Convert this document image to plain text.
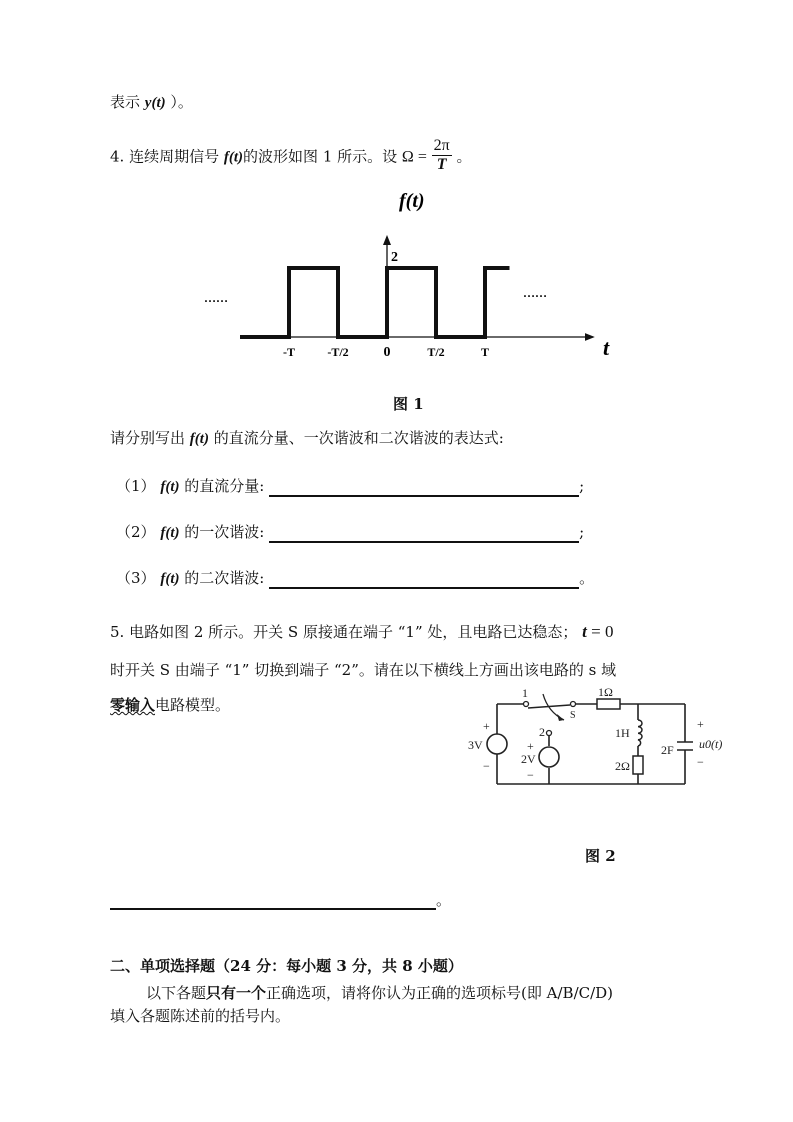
表示 y(t) ）。
4. 连续周期信号 f(t)的波形如图 1 所示。设 $\Omega = \frac{2\pi}{T}$ 。
-T	-T/2 0	T/2	T
2
f(t)
t
……	……
图 1
请分别写出 f(t) 的直流分量、一次谐波和二次谐波的表达式:
（1） f(t) 的直流分量:	;
（2） f(t) 的一次谐波:	;
（3） f(t) 的二次谐波:	。
5. 电路如图 2 所示。开关 S 原接通在端子 “1” 处，且电路已达稳态； t = 0
时开关 S 由端子 “1” 切换到端子 “2”。请在以下横线上方画出该电路的 s 域
零输入电路模型。
1
S
1Ω
2
+
3V
−
+
2V
−
1H
2Ω
2F
+
u0(t)
−
图 2
。
二、单项选择题（24 分：每小题 3 分，共 8 小题）
以下各题只有一个正确选项，请将你认为正确的选项标号(即 A/B/C/D)
填入各题陈述前的括号内。
